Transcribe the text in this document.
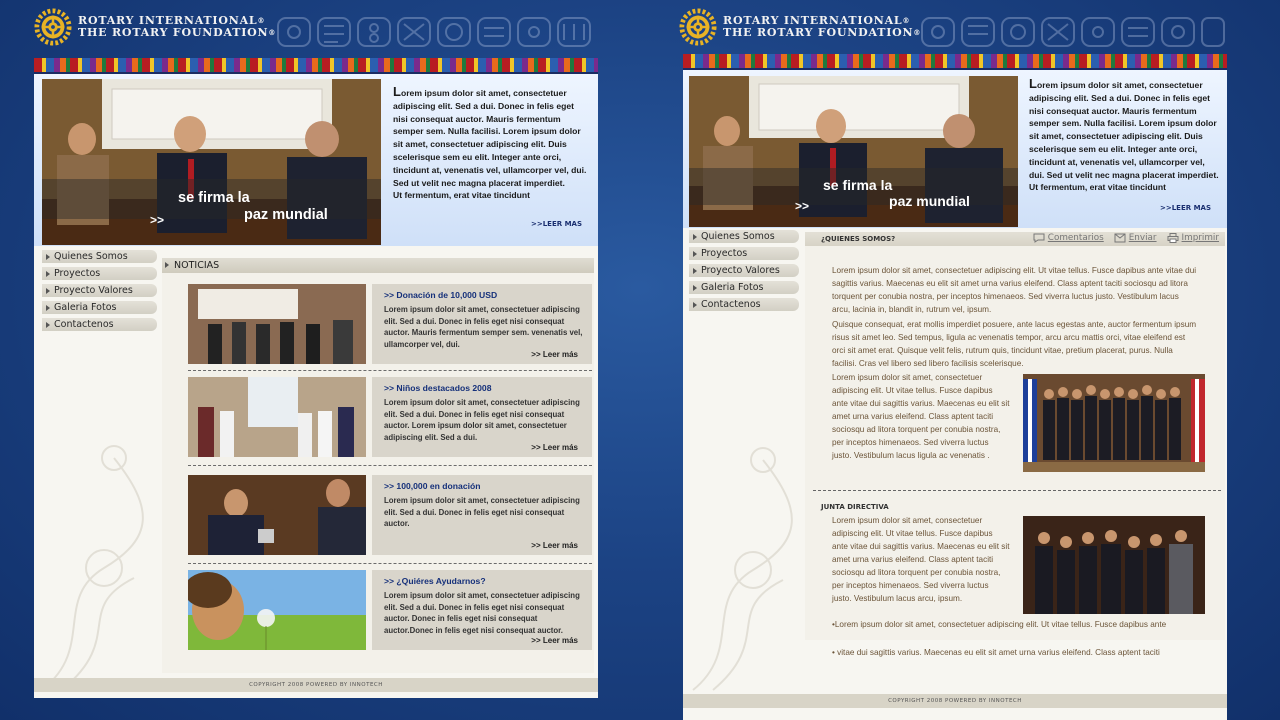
ROTARY INTERNATIONAL®
THE ROTARY FOUNDATION®
>>
se firma la
paz mundial
Lorem ipsum dolor sit amet, consectetuer adipiscing elit. Sed a dui. Donec in felis eget nisi consequat auctor. Mauris fermentum semper sem. Nulla facilisi. Lorem ipsum dolor sit amet, consectetuer adipiscing elit. Duis scelerisque sem eu elit. Integer ante orci, tincidunt at, venenatis vel, ullamcorper vel, dui. Sed ut velit nec magna placerat imperdiet.
Ut fermentum, erat vitae tincidunt
>>LEER MAS
Quienes Somos
Proyectos
Proyecto Valores
Galeria Fotos
Contactenos
NOTICIAS
>> Donación de 10,000 USD
Lorem ipsum dolor sit amet, consectetuer adipiscing elit. Sed a dui. Donec in felis eget nisi consequat auctor. Mauris fermentum semper sem. venenatis vel, ullamcorper vel, dui.
>> Leer más
>> Niños destacados 2008
Lorem ipsum dolor sit amet, consectetuer adipiscing elit. Sed a dui. Donec in felis eget nisi consequat auctor. Lorem ipsum dolor sit amet, consectetuer adipiscing elit. Sed a dui.
>> Leer más
>> 100,000 en donación
Lorem ipsum dolor sit amet, consectetuer adipiscing elit. Sed a dui. Donec in felis eget nisi consequat auctor.
>> Leer más
>> ¿Quiéres Ayudarnos?
Lorem ipsum dolor sit amet, consectetuer adipiscing elit. Sed a dui. Donec in felis eget nisi consequat auctor. Donec in felis eget nisi consequat auctor.Donec in felis eget nisi consequat auctor.
>> Leer más
COPYRIGHT 2008 POWERED BY INNOTECH
ROTARY INTERNATIONAL®
THE ROTARY FOUNDATION®
>>
se firma la
paz mundial
Lorem ipsum dolor sit amet, consectetuer adipiscing elit. Sed a dui. Donec in felis eget nisi consequat auctor. Mauris fermentum semper sem. Nulla facilisi. Lorem ipsum dolor sit amet, consectetuer adipiscing elit. Duis scelerisque sem eu elit. Integer ante orci, tincidunt at, venenatis vel, ullamcorper vel, dui. Sed ut velit nec magna placerat imperdiet.
Ut fermentum, erat vitae tincidunt
>>LEER MAS
Quienes Somos
Proyectos
Proyecto Valores
Galeria Fotos
Contactenos
¿QUIENES SOMOS?	Comentarios	Enviar	Imprimir
Lorem ipsum dolor sit amet, consectetuer adipiscing elit. Ut vitae tellus. Fusce dapibus ante vitae dui sagittis varius. Maecenas eu elit sit amet urna varius eleifend. Class aptent taciti sociosqu ad litora torquent per conubia nostra, per inceptos himenaeos. Sed viverra luctus justo. Vestibulum lacus arcu, lacinia in, blandit in, rutrum vel, ipsum.
Quisque consequat, erat mollis imperdiet posuere, ante lacus egestas ante, auctor fermentum ipsum risus sit amet leo. Sed tempus, ligula ac venenatis tempor, arcu arcu mattis orci, vitae eleifend est orci sit amet erat. Quisque velit felis, rutrum quis, tincidunt vitae, pretium placerat, purus. Nulla facilisi. Cras vel libero sed libero facilisis scelerisque.
Lorem ipsum dolor sit amet, consectetuer adipiscing elit. Ut vitae tellus. Fusce dapibus ante vitae dui sagittis varius. Maecenas eu elit sit amet urna varius eleifend. Class aptent taciti sociosqu ad litora torquent per conubia nostra, per inceptos himenaeos. Sed viverra luctus justo. Vestibulum lacus ligula ac venenatis .
JUNTA DIRECTIVA
Lorem ipsum dolor sit amet, consectetuer adipiscing elit. Ut vitae tellus. Fusce dapibus ante vitae dui sagittis varius. Maecenas eu elit sit amet urna varius eleifend. Class aptent taciti sociosqu ad litora torquent per conubia nostra, per inceptos himenaeos. Sed viverra luctus justo. Vestibulum lacus arcu, ipsum.
•Lorem ipsum dolor sit amet, consectetuer adipiscing elit. Ut vitae tellus. Fusce dapibus ante
• vitae dui sagittis varius. Maecenas eu elit sit amet urna varius eleifend. Class aptent taciti
COPYRIGHT 2008 POWERED BY INNOTECH
